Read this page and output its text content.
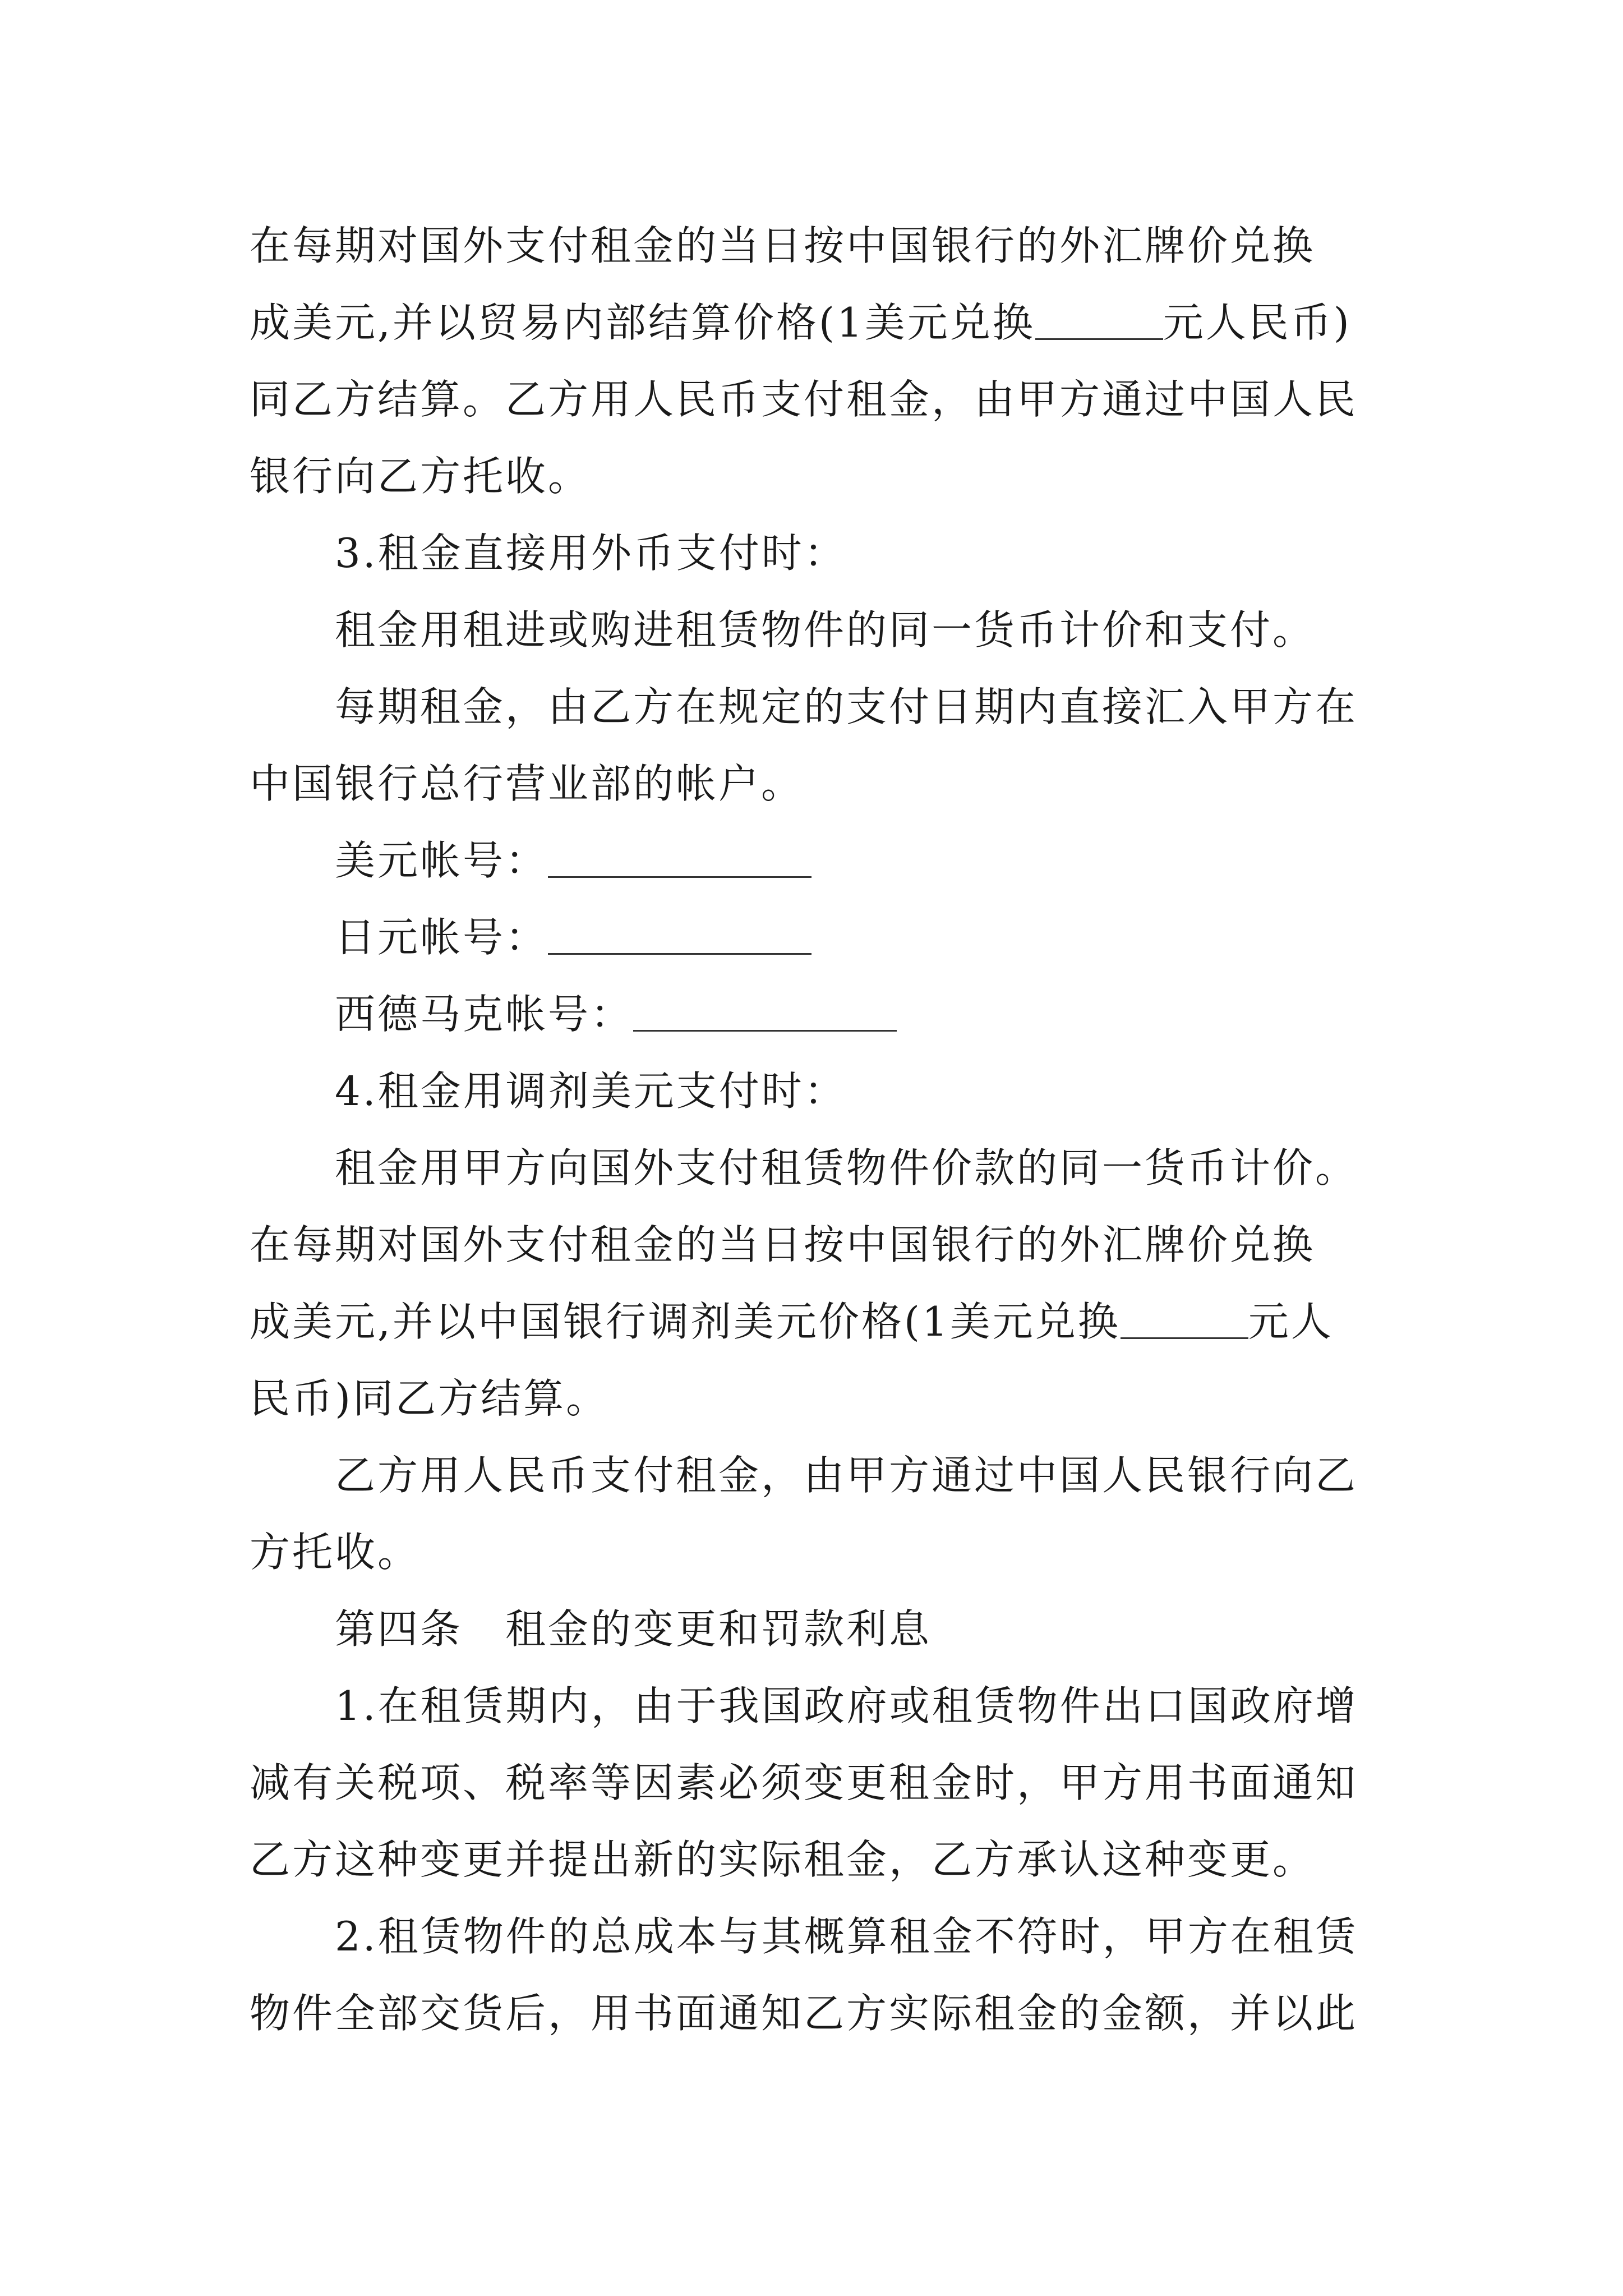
在每期对国外支付租金的当日按中国银行的外汇牌价兑换
成美元,并以贸易内部结算价格(1美元兑换	元人民币)
同乙方结算。乙方用人民币支付租金，由甲方通过中国人民
银行向乙方托收。
3.租金直接用外币支付时：
租金用租进或购进租赁物件的同一货币计价和支付。
每期租金，由乙方在规定的支付日期内直接汇入甲方在
中国银行总行营业部的帐户。
美元帐号：
日元帐号：
西德马克帐号：
4.租金用调剂美元支付时：
租金用甲方向国外支付租赁物件价款的同一货币计价。
在每期对国外支付租金的当日按中国银行的外汇牌价兑换
成美元,并以中国银行调剂美元价格(1美元兑换	元人
民币)同乙方结算。
乙方用人民币支付租金，由甲方通过中国人民银行向乙
方托收。
第四条　租金的变更和罚款利息
1.在租赁期内，由于我国政府或租赁物件出口国政府增
减有关税项、税率等因素必须变更租金时，甲方用书面通知
乙方这种变更并提出新的实际租金，乙方承认这种变更。
2.租赁物件的总成本与其概算租金不符时，甲方在租赁
物件全部交货后，用书面通知乙方实际租金的金额，并以此
